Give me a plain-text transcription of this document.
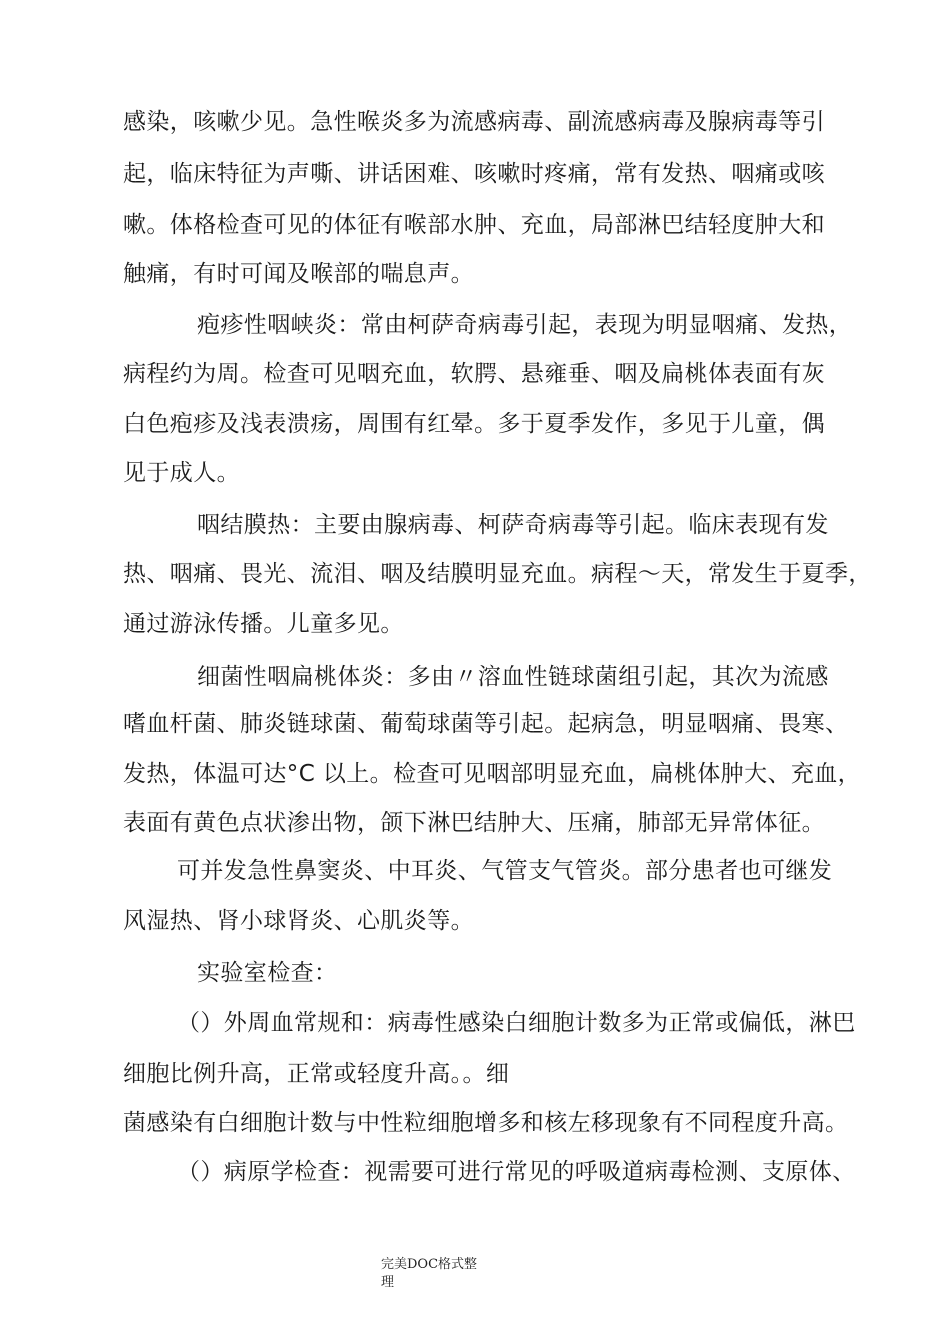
感染，咳嗽少见。急性喉炎多为流感病毒、副流感病毒及腺病毒等引
起，临床特征为声嘶、讲话困难、咳嗽时疼痛，常有发热、咽痛或咳
嗽。体格检查可见的体征有喉部水肿、充血，局部淋巴结轻度肿大和
触痛，有时可闻及喉部的喘息声。
疱疹性咽峡炎：常由柯萨奇病毒引起，表现为明显咽痛、发热，
病程约为周。检查可见咽充血，软腭、悬雍垂、咽及扁桃体表面有灰
白色疱疹及浅表溃疡，周围有红晕。多于夏季发作，多见于儿童，偶
见于成人。
咽结膜热：主要由腺病毒、柯萨奇病毒等引起。临床表现有发
热、咽痛、畏光、流泪、咽及结膜明显充血。病程〜天，常发生于夏季，
通过游泳传播。儿童多见。
细菌性咽扁桃体炎：多由〃溶血性链球菌组引起，其次为流感
嗜血杆菌、肺炎链球菌、葡萄球菌等引起。起病急，明显咽痛、畏寒、
发热，体温可达°C 以上。检查可见咽部明显充血，扁桃体肿大、充血，
表面有黄色点状渗出物，颌下淋巴结肿大、压痛，肺部无异常体征。
可并发急性鼻窦炎、中耳炎、气管支气管炎。部分患者也可继发
风湿热、肾小球肾炎、心肌炎等。
实验室检查：
（）外周血常规和：病毒性感染白细胞计数多为正常或偏低，淋巴
细胞比例升高，正常或轻度升高。。细
菌感染有白细胞计数与中性粒细胞增多和核左移现象有不同程度升高。
（）病原学检查：视需要可进行常见的呼吸道病毒检测、支原体、
完美DOC格式整
理
